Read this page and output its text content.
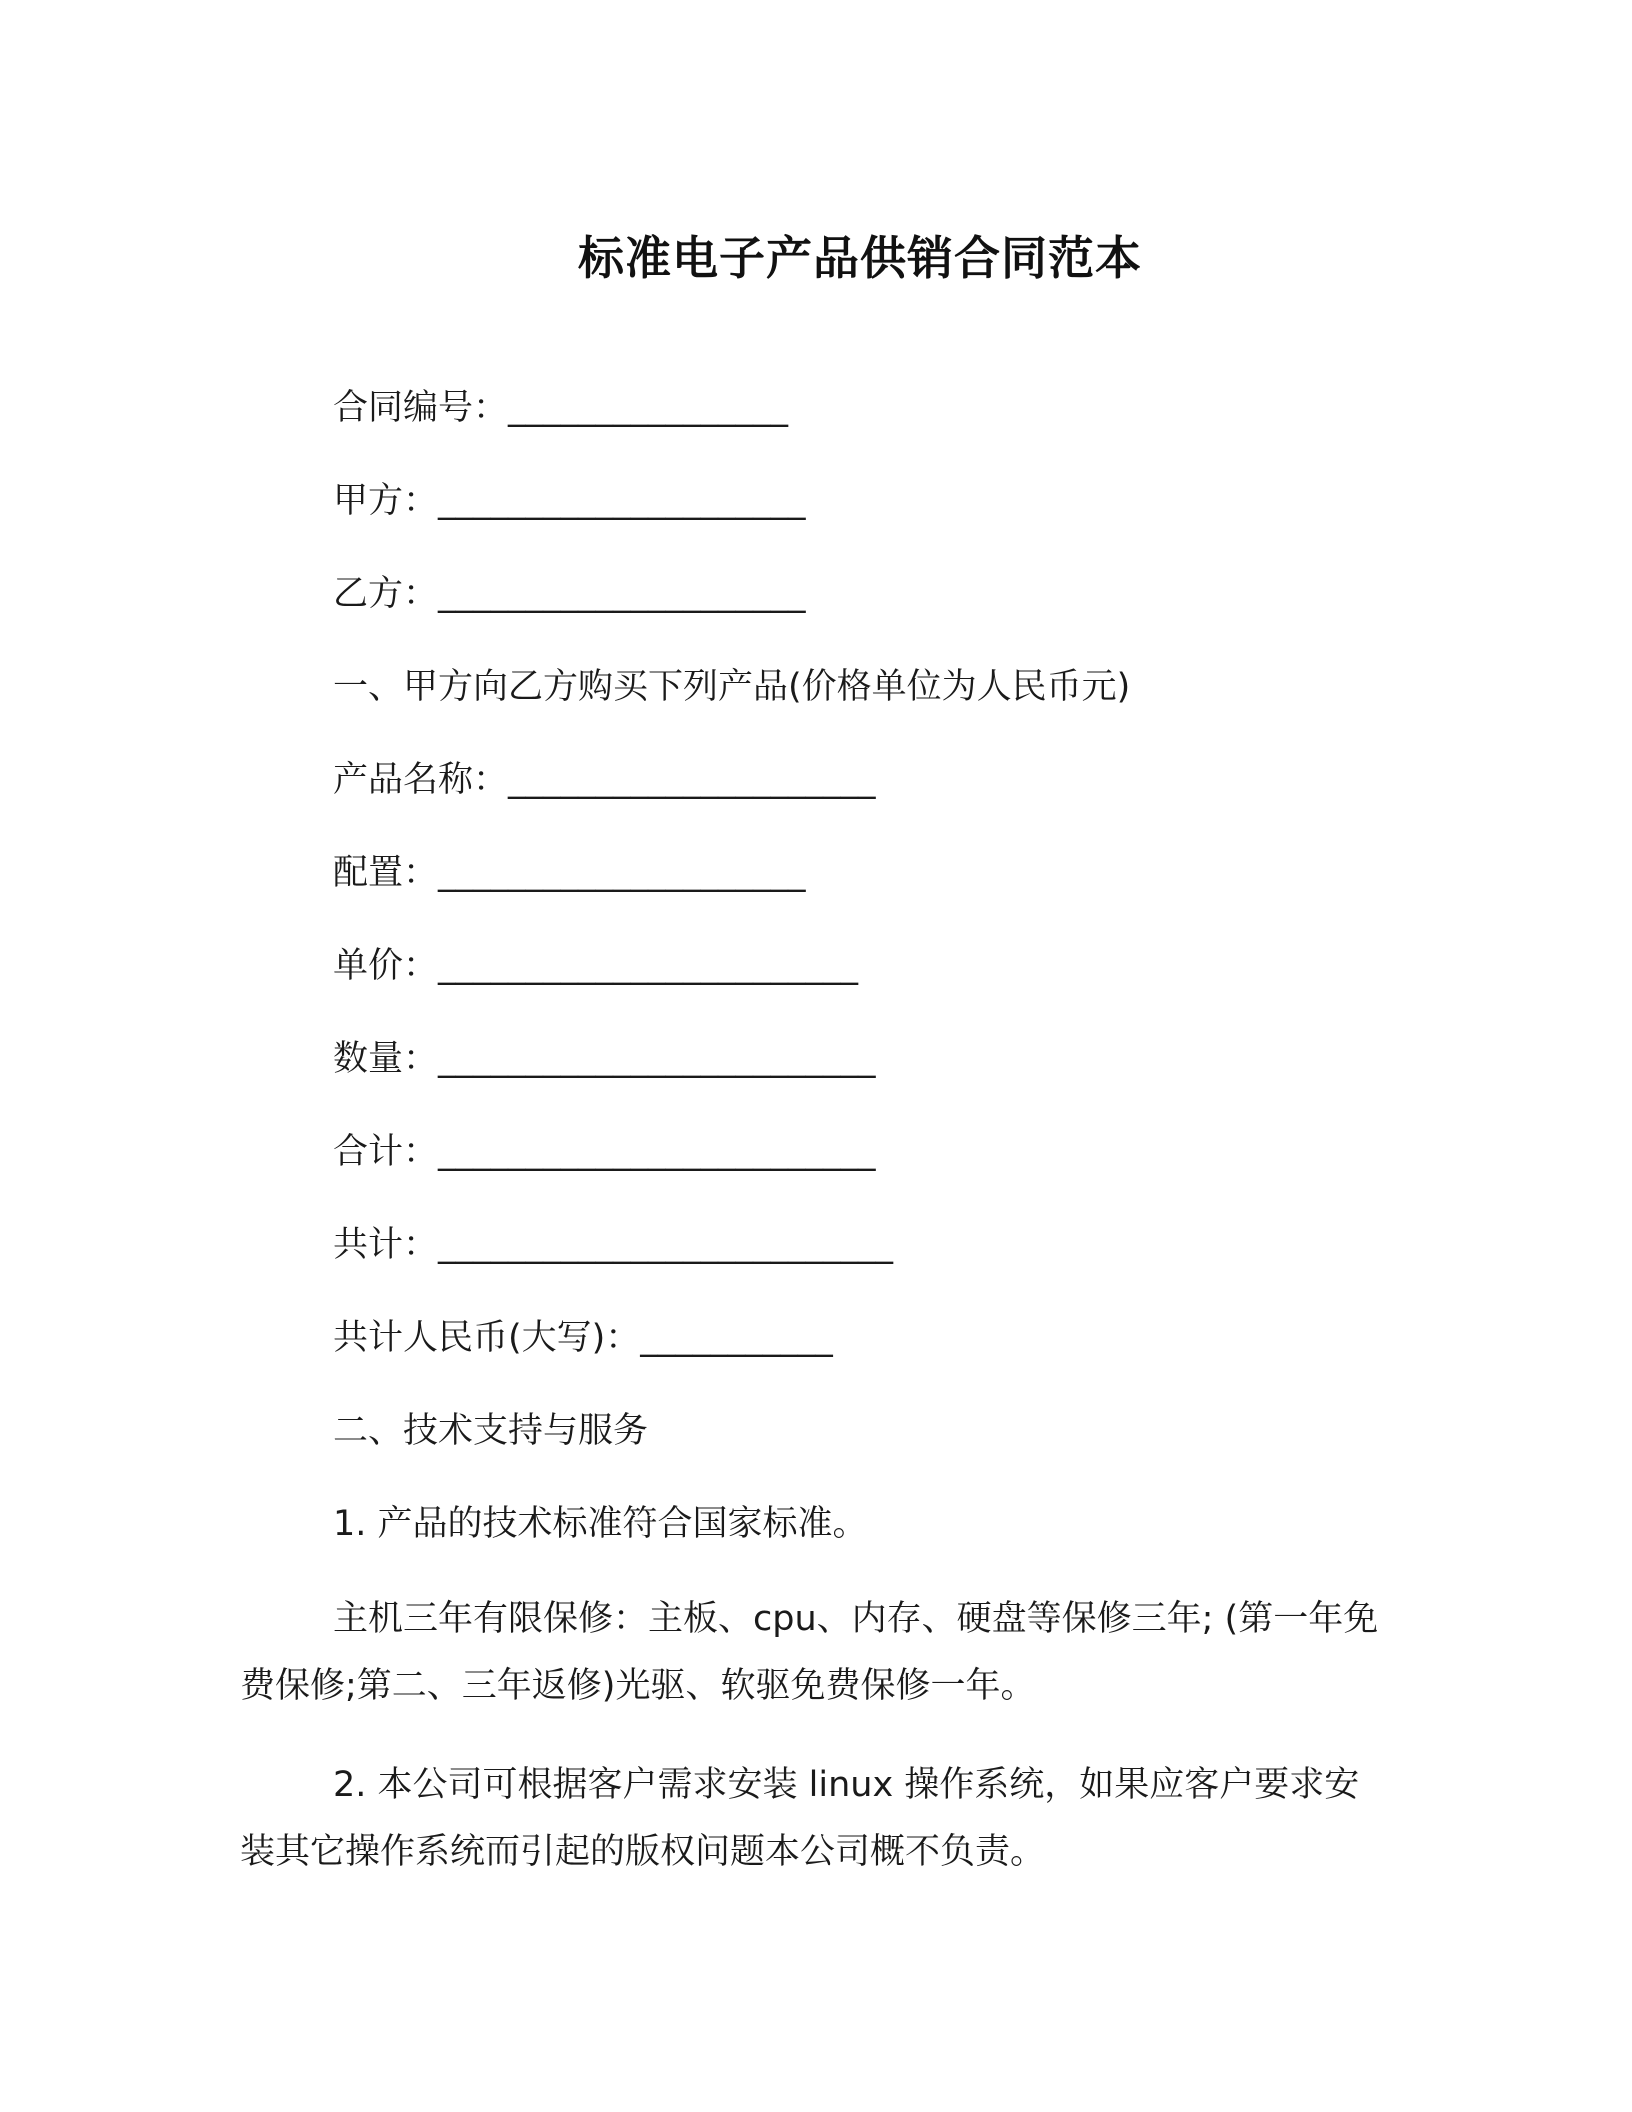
标准电子产品供销合同范本
合同编号：________________
甲方：_____________________
乙方：_____________________
一、甲方向乙方购买下列产品(价格单位为人民币元)
产品名称：_____________________
配置：_____________________
单价：________________________
数量：_________________________
合计：_________________________
共计：__________________________
共计人民币(大写)：___________
二、技术支持与服务
1. 产品的技术标准符合国家标准。
主机三年有限保修：主板、cpu、内存、硬盘等保修三年; (第一年免费保修;第二、三年返修)光驱、软驱免费保修一年。
2. 本公司可根据客户需求安装 linux 操作系统，如果应客户要求安装其它操作系统而引起的版权问题本公司概不负责。
